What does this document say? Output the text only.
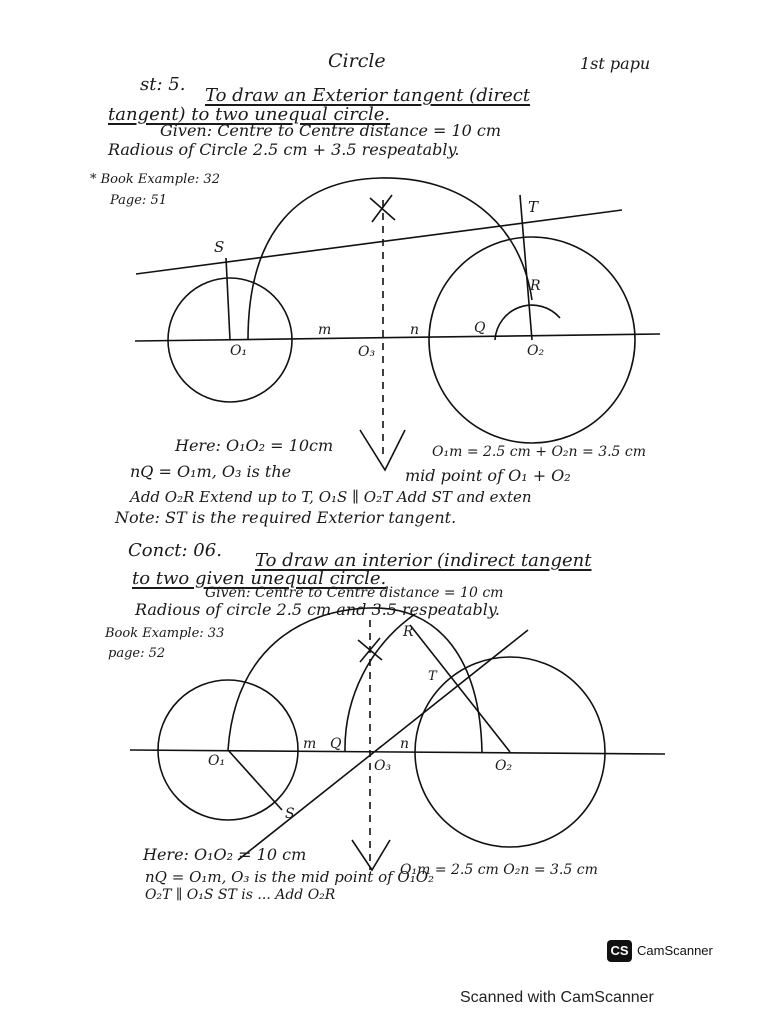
Circle	1st papu
st: 5.
To draw an Exterior tangent (direct
tangent) to two unequal circle.
Given: Centre to Centre distance = 10 cm
Radious of Circle 2.5 cm + 3.5 respeatably.
* Book Example: 32
Page: 51
S
T
R
Q
m	n
O₁	O₂
O₃
Here: O₁O₂ = 10cm	O₁m = 2.5 cm + O₂n = 3.5 cm
nQ = O₁m, O₃ is the	mid point of O₁ + O₂
Add O₂R Extend up to T, O₁S ∥ O₂T Add ST and exten
Note: ST is the required Exterior tangent.
Conct: 06. To draw an interior (indirect tangent
to two given unequal circle.
Given: Centre to Centre distance = 10 cm
Radious of circle 2.5 cm and 3.5 respeatably.
Book Example: 33
page: 52
S
T
R
Q
m	n
O₁	O₂
O₃
Here: O₁O₂ = 10 cm
O₁m = 2.5 cm O₂n = 3.5 cm
nQ = O₁m, O₃ is the mid point of O₁O₂
O₂T ∥ O₁S ST is ... Add O₂R
CS CamScanner
Scanned with CamScanner
